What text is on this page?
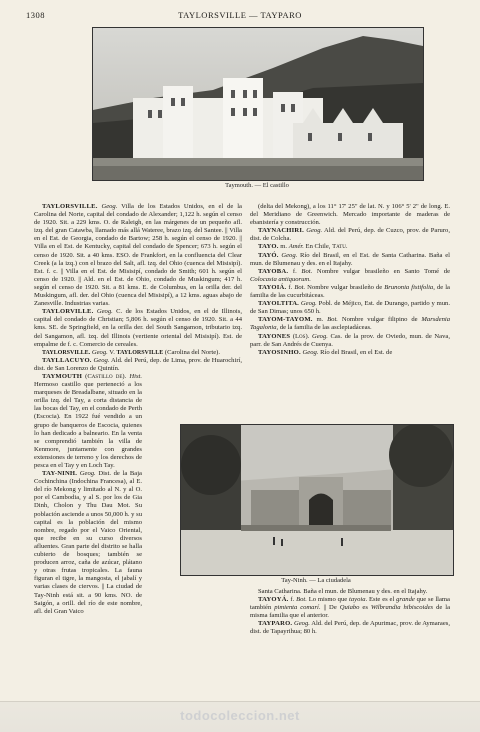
1308	TAYLORSVILLE — TAYPARO
Taymouth. — El castillo

TAYLORSVILLE. Geog. Villa de los Estados Unidos, en el de la Carolina del Norte, capital del condado de Alexander; 1,122 h. según el censo de 1920. Sit. a 229 kms. O. de Raleigh, en las márgenes de un pequeño afl. izq. del gran Catawba, llamado más allá Wateree, brazo izq. del Santee. || Villa en el Est. de Georgia, condado de Bartow; 258 h. según el censo de 1920. || Villa en el Est. de Kentucky, capital del condado de Spencer; 673 h. según el censo de 1920. Sit. a 40 kms. ESO. de Frankfort, en la confluencia del Clear Creek (a la izq.) con el brazo del Salt, afl. izq. del Ohio (cuenca del Misisipí). Est. f. c. || Villa en el Est. de Misisipí, condado de Smith; 601 h. según el censo de 1920. || Ald. en el Est. de Ohio, condado de Muskingum; 417 h. según el censo de 1920. Sit. a 81 kms. E. de Columbus, en la orilla der. del Muskingum, afl. der. del Ohio (cuenca del Misisipí), a 12 kms. aguas abajo de Zanesville. Industrias varias.

TAYLORVILLE. Geog. C. de los Estados Unidos, en el de Illinois, capital del condado de Christian; 5,806 h. según el censo de 1920. Sit. a 44 kms. SE. de Springfield, en la orilla der. del South Sangamon, tributario izq. del Sangamon, afl. izq. del Illinois (vertiente oriental del Misisipí). Est. de empalme de f. c. Comercio de cereales.

TAYLORSVILLE. Geog. V. TAYLORSVILLE (Carolina del Norte).

TAYLLACUYO. Geog. Ald. del Perú, dep. de Lima, prov. de Huarochirí, dist. de San Lorenzo de Quintín.

TAYMOUTH (Castillo de). Hist. Hermoso castillo que perteneció a los marqueses de Breadalbane, situado en la orilla izq. del Tay, a corta distancia de las bocas del Tay, en el condado de Perth (Escocia). En 1922 fué vendido a un grupo de banqueros de Escocia, quienes lo han dedicado a balneario. En la venta se comprendió también la villa de Kenmore, juntamente con grandes extensiones de terreno y los derechos de pesca en el Tay y en Loch Tay.

TAY-NINH. Geog. Dist. de la Baja Cochinchina (Indochina Francesa), al E. del río Mekong y limitado al N. y al O. por el Cambodia, y al S. por los de Gia Dinh, Cholon y Thu Dau Mot. Su población asciende a unos 50,000 h. y su capital es la población del mismo nombre, regado por el Vaico Oriental, que recibe en su curso diversos afluentes. Gran parte del distrito se halla cubierto de bosques; también se producen arroz, caña de azúcar, plátano y otras frutas tropicales. La fauna figuran el tigre, la mangosta, el jabalí y varias clases de ciervos. || La ciudad de Tay-Ninh está sit. a 90 kms. NO. de Saigón, a orill. del río de este nombre, afl. del Gran Vaico

(delta del Mekong), a los 11° 17' 25" de lat. N. y 106° 5' 2" de long. E. del Meridiano de Greenwich. Mercado importante de maderas de ebanistería y construcción.

TAYNACHIRI. Geog. Ald. del Perú, dep. de Cuzco, prov. de Paruro, dist. de Colcha.

TAYO. m. Amér. En Chile, Tatu.

TAYÓ. Geog. Río del Brasil, en el Est. de Santa Catharina. Baña el mun. de Blumenau y des. en el Itajahy.

TAYOBA. f. Bot. Nombre vulgar brasileño en Santo Tomé de Colocasia antiquorum.

TAYOIÁ. f. Bot. Nombre vulgar brasileño de Brunonia fistifolia, de la familia de las cucurbitáceas.

TAYOLTITA. Geog. Pobl. de Méjico, Est. de Durango, partido y mun. de San Dimas; unos 650 h.

TAYOM-TAYOM. m. Bot. Nombre vulgar filipino de Marsdenia Tagalonia, de la familia de las asclepiadáceas.

TAYONES (Los). Geog. Cas. de la prov. de Oviedo, mun. de Nava, parr. de San Andrés de Cuenya.

TAYOSINHO. Geog. Río del Brasil, en el Est. de

Tay-Ninh. — La ciudadela

Santa Catharina. Baña el mun. de Blumenau y des. en el Itajahy.

TAYOYÁ. f. Bot. Lo mismo que tayoia. Este es el grande que se llama también pimienta comarí. || De Quiabo es Wilbrandia hibiscoides de la misma familia que el anterior.

TAYPARO. Geog. Ald. del Perú, dep. de Apurimac, prov. de Aymaraes, dist. de Tapayrihua; 80 h.

todocoleccion.net
